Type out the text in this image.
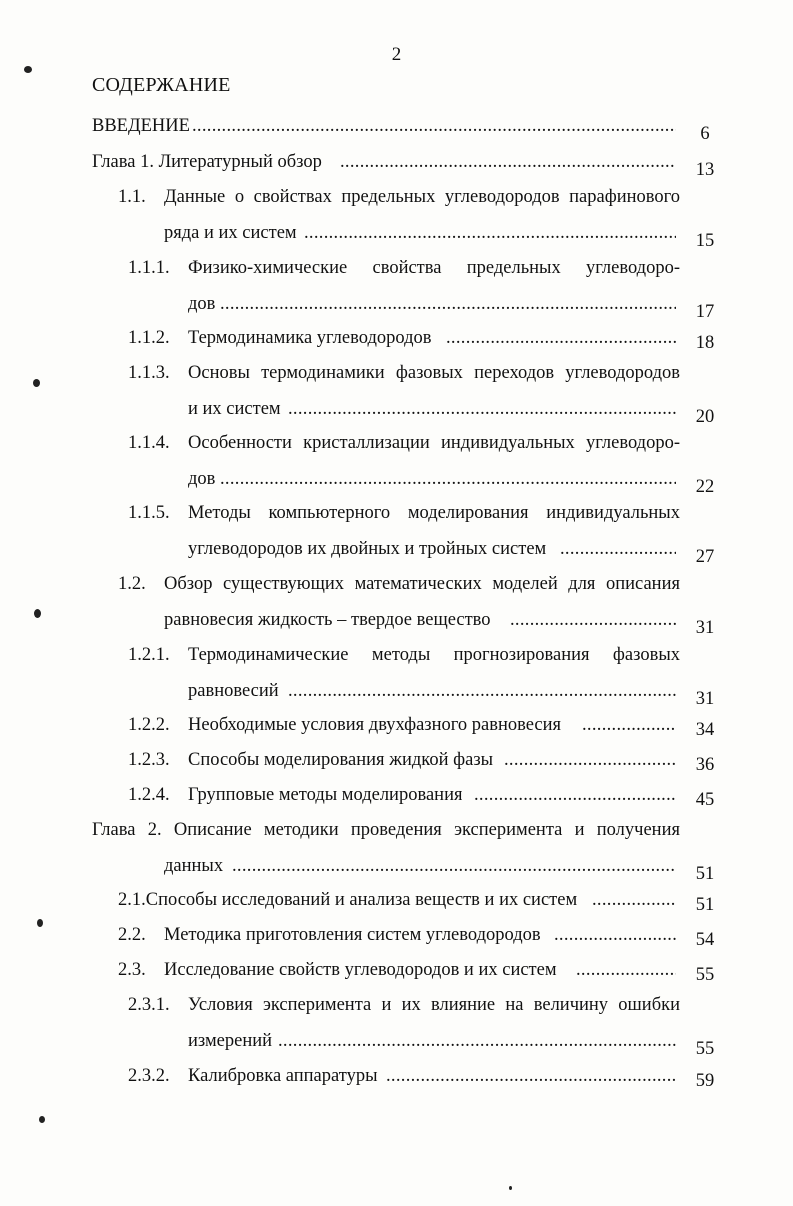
2
СОДЕРЖАНИЕ
ВВЕДЕНИЕ .....	6
Глава 1. Литературный обзор .....	13
1.1. Данные о свойствах предельных углеводородов парафинового
ряда и их систем .....	15
1.1.1. Физико-химические свойства предельных углеводоро-
дов .....	17
1.1.2. Термодинамика углеводородов .....	18
1.1.3. Основы термодинамики фазовых переходов углеводородов
и их систем .....	20
1.1.4. Особенности кристаллизации индивидуальных углеводоро-
дов .....	22
1.1.5. Методы компьютерного моделирования индивидуальных
углеводородов их двойных и тройных систем .....	27
1.2. Обзор существующих математических моделей для описания
равновесия жидкость – твердое вещество .....	31
1.2.1. Термодинамические методы прогнозирования фазовых
равновесий .....	31
1.2.2. Необходимые условия двухфазного равновесия .....	34
1.2.3. Способы моделирования жидкой фазы .....	36
1.2.4. Групповые методы моделирования .....	45
Глава 2. Описание методики проведения эксперимента и получения
данных .....	51
2.1.Способы исследований и анализа веществ и их систем .....	51
2.2. Методика приготовления систем углеводородов .....	54
2.3. Исследование свойств углеводородов и их систем .....	55
2.3.1. Условия эксперимента и их влияние на величину ошибки
измерений .....	55
2.3.2. Калибровка аппаратуры .....	59
